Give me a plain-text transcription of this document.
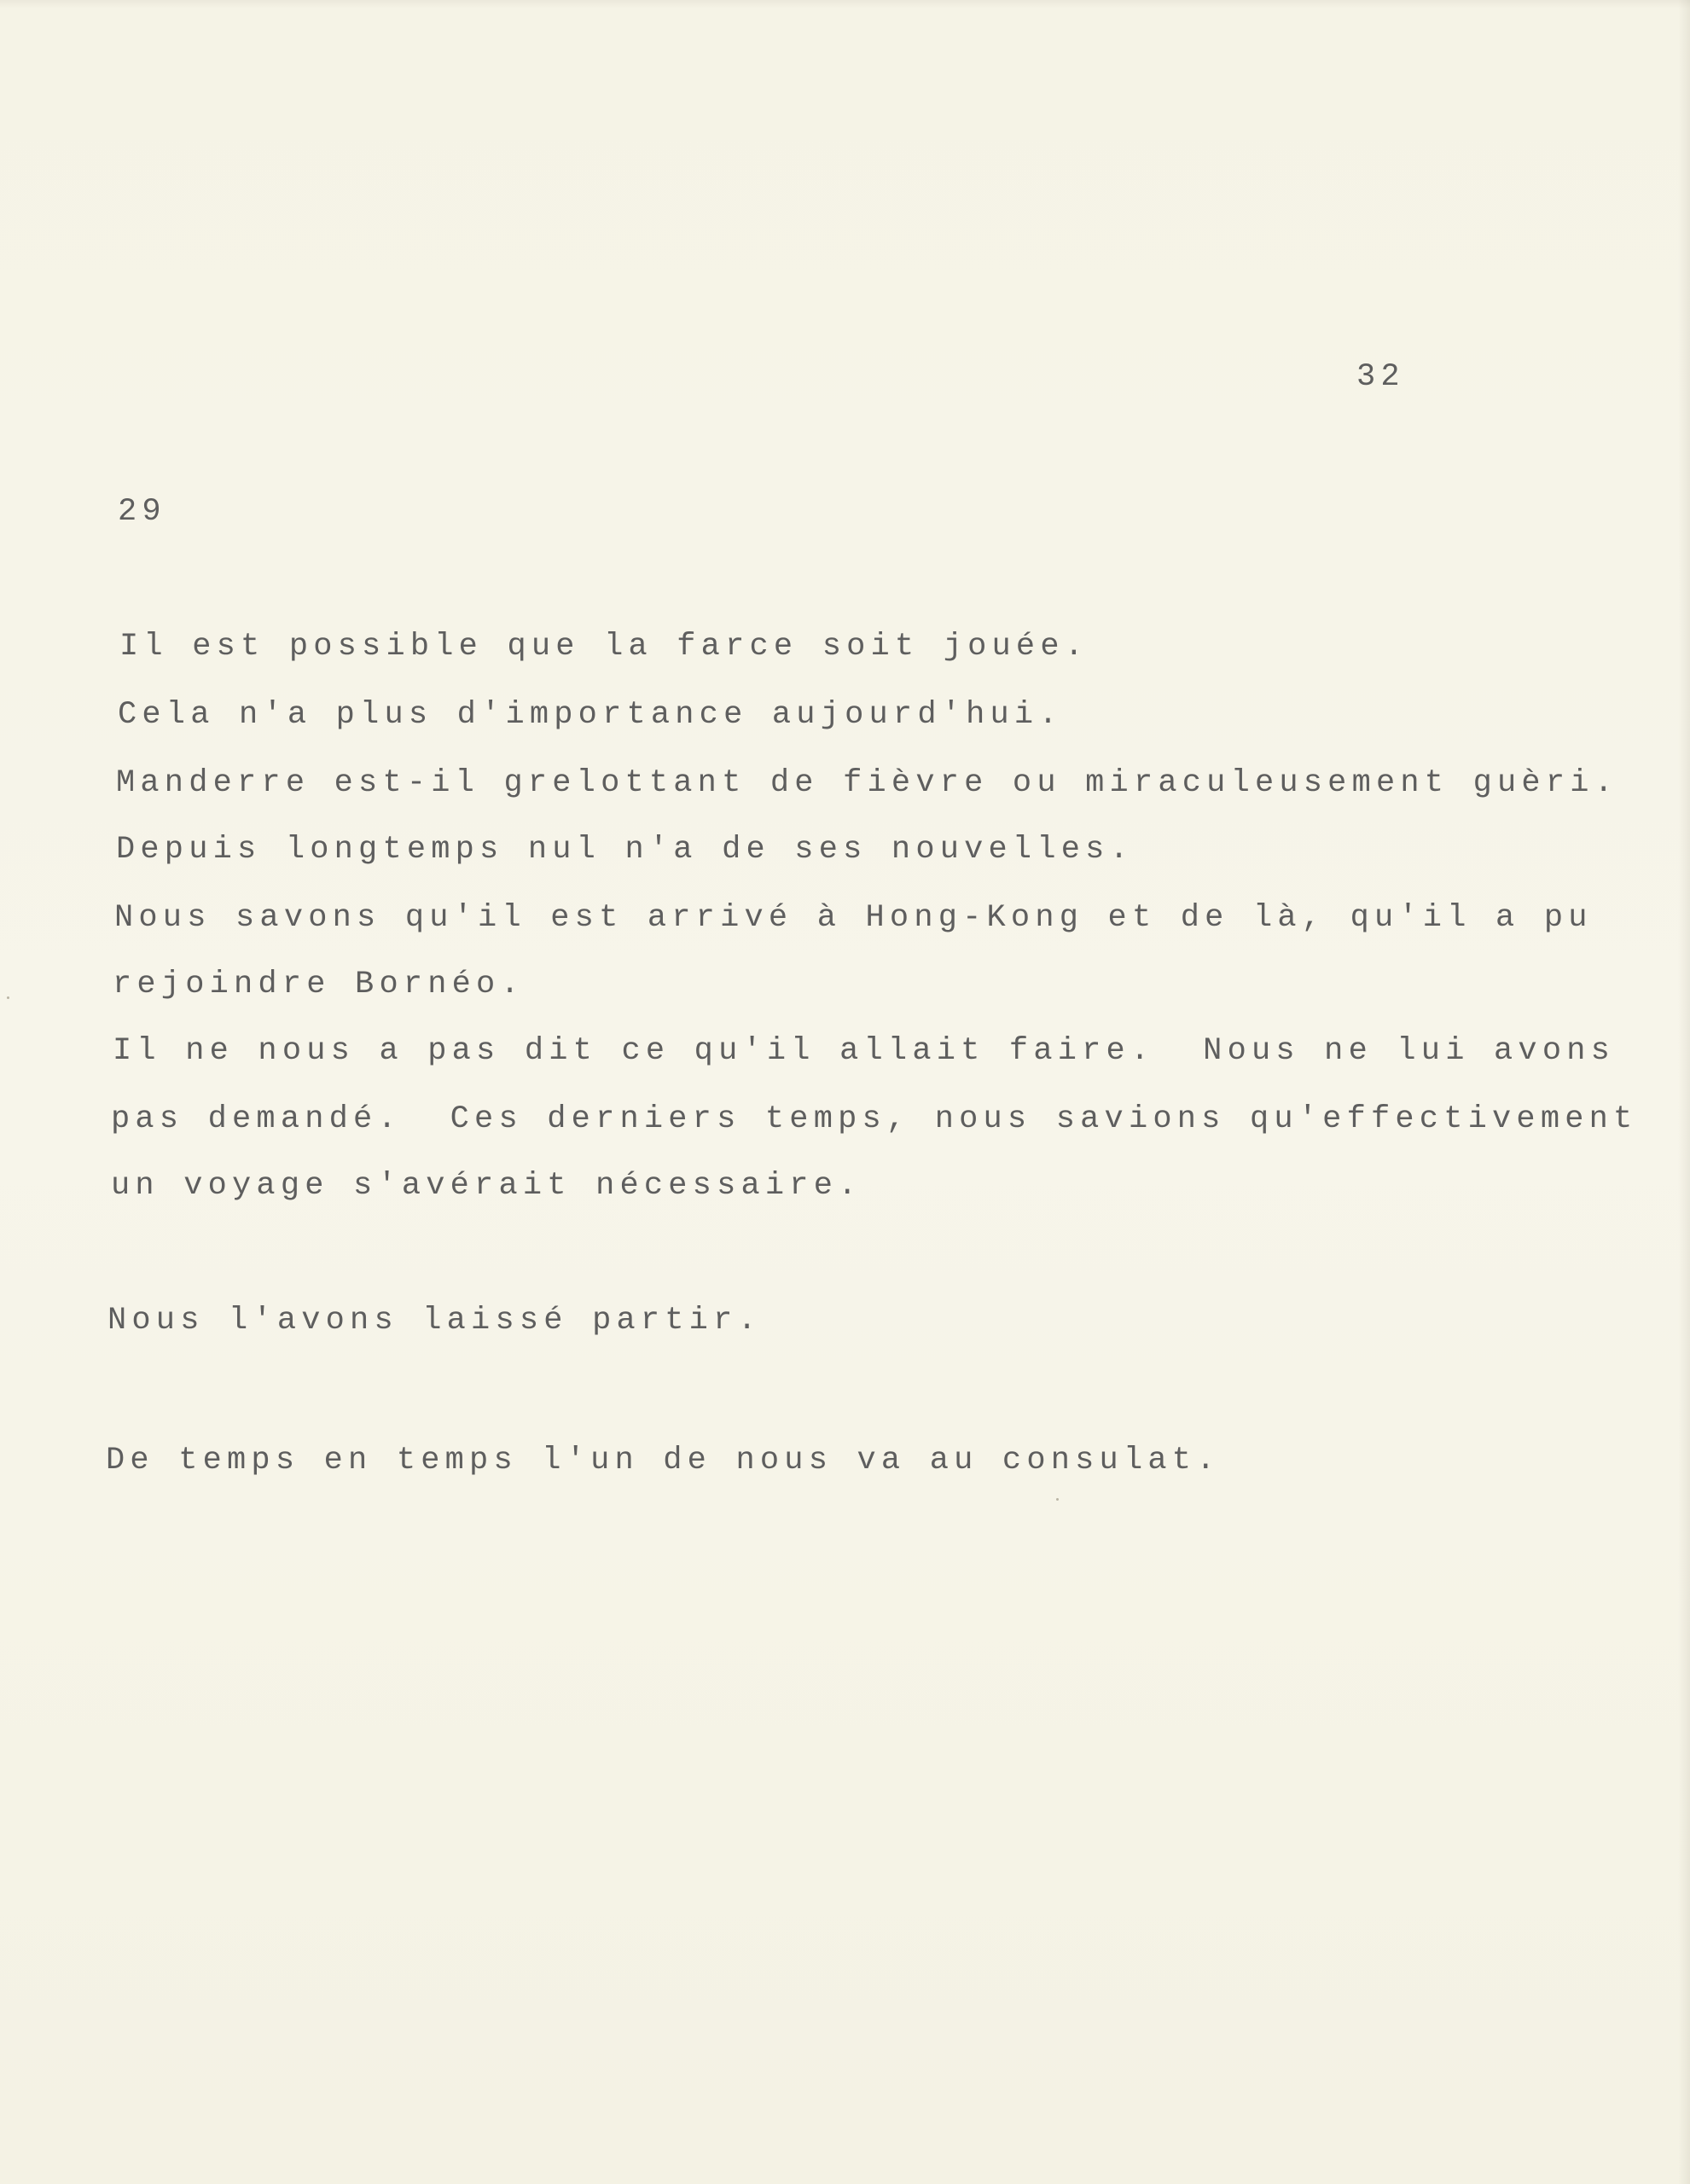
32
29
Il est possible que la farce soit jouée.
Cela n'a plus d'importance aujourd'hui.
Manderre est-il grelottant de fièvre ou miraculeusement guèri.
Depuis longtemps nul n'a de ses nouvelles.
Nous savons qu'il est arrivé à Hong-Kong et de là, qu'il a pu
rejoindre Bornéo.
Il ne nous a pas dit ce qu'il allait faire.  Nous ne lui avons
pas demandé.  Ces derniers temps, nous savions qu'effectivement
un voyage s'avérait nécessaire.
Nous l'avons laissé partir.
De temps en temps l'un de nous va au consulat.
